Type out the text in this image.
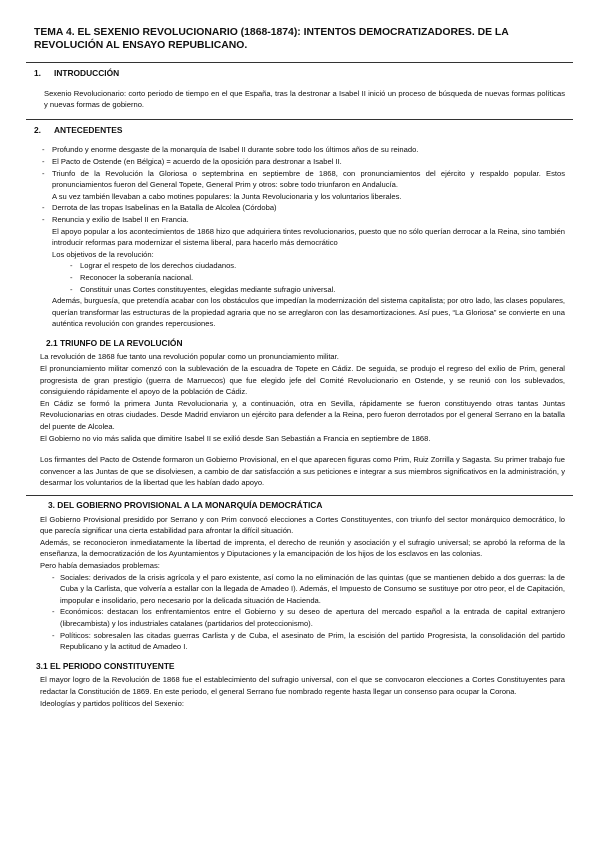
TEMA 4. EL SEXENIO REVOLUCIONARIO (1868-1874): INTENTOS DEMOCRATIZADORES. DE LA REVOLUCIÓN AL ENSAYO REPUBLICANO.
1.	INTRODUCCIÓN
Sexenio Revolucionario: corto periodo de tiempo en el que España, tras la destronar a Isabel II inició un proceso de búsqueda de nuevas formas políticas y nuevas formas de gobierno.
2.	ANTECEDENTES
- Profundo y enorme desgaste de la monarquía de Isabel II durante sobre todo los últimos años de su reinado.
- El Pacto de Ostende (en Bélgica) = acuerdo de la oposición para destronar a Isabel II.
- Triunfo de la Revolución la Gloriosa o septembrina en septiembre de 1868, con pronunciamientos del ejército y respaldo popular. Estos pronunciamientos fueron del General Topete, General Prim y otros: sobre todo triunfaron en Andalucía.
A su vez también llevaban a cabo motines populares: la Junta Revolucionaria y los voluntarios liberales.
- Derrota de las tropas Isabelinas en la Batalla de Alcolea (Córdoba)
- Renuncia y exilio de Isabel II en Francia.
El apoyo popular a los acontecimientos de 1868 hizo que adquiriera tintes revolucionarios, puesto que no sólo querían derrocar a la Reina, sino también introducir reformas para modernizar el sistema liberal, para hacerlo más democrático
Los objetivos de la revolución:
- Lograr el respeto de los derechos ciudadanos.
- Reconocer la soberanía nacional.
- Constituir unas Cortes constituyentes, elegidas mediante sufragio universal.
Además, burguesía, que pretendía acabar con los obstáculos que impedían la modernización del sistema capitalista; por otro lado, las clases populares, querían transformar las estructuras de la propiedad agraria que no se arreglaron con las desamortizaciones. Así pues, “La Gloriosa” se convierte en una auténtica revolución con grandes repercusiones.
2.1 TRIUNFO DE LA REVOLUCIÓN
La revolución de 1868 fue tanto una revolución popular como un pronunciamiento militar.
El pronunciamiento militar comenzó con la sublevación de la escuadra de Topete en Cádiz. De seguida, se produjo el regreso del exilio de Prim, general progresista de gran prestigio (guerra de Marruecos) que fue elegido jefe del Comité Revolucionario en Ostende, y se reunió con los sublevados, consiguiendo rápidamente el apoyo de la población de Cádiz.
En Cádiz se formó la primera Junta Revolucionaria y, a continuación, otra en Sevilla, rápidamente se fueron constituyendo otras tantas Juntas Revolucionarias en otras ciudades. Desde Madrid enviaron un ejército para defender a la Reina, pero fueron derrotados por el general Serrano en la batalla del puente de Alcolea.
El Gobierno no vio más salida que dimitire Isabel II se exilió desde San Sebastián a Francia en septiembre de 1868.
Los firmantes del Pacto de Ostende formaron un Gobierno Provisional, en el que aparecen figuras como Prim, Ruiz Zorrilla y Sagasta. Su primer trabajo fue convencer a las Juntas de que se disolviesen, a cambio de dar satisfacción a sus peticiones e integrar a sus miembros significativos en la administración, y desarmar los voluntarios de la libertad que les habían dado apoyo.
3. DEL GOBIERNO PROVISIONAL A LA MONARQUÍA DEMOCRÁTICA
El Gobierno Provisional presidido por Serrano y con Prim convocó elecciones a Cortes Constituyentes, con triunfo del sector monárquico democrático, lo que parecía significar una cierta estabilidad para afrontar la difícil situación.
Además, se reconocieron inmediatamente la libertad de imprenta, el derecho de reunión y asociación y el sufragio universal; se aprobó la reforma de la enseñanza, la democratización de los Ayuntamientos y Diputaciones y la emancipación de los hijos de los esclavos en las colonias.
Pero había demasiados problemas:
- Sociales: derivados de la crisis agrícola y el paro existente, así como la no eliminación de las quintas (que se mantienen debido a dos guerras: la de Cuba y la Carlista, que volvería a estallar con la llegada de Amadeo I). Además, el Impuesto de Consumo se sustituye por otro peor, el de Capitación, impopular e insolidario, pero necesario por la delicada situación de Hacienda.
- Económicos: destacan los enfrentamientos entre el Gobierno y su deseo de apertura del mercado español a la entrada de capital extranjero (librecambista) y los industriales catalanes (partidarios del proteccionismo).
- Políticos: sobresalen las citadas guerras Carlista y de Cuba, el asesinato de Prim, la escisión del partido Progresista, la consolidación del partido Republicano y la actitud de Amadeo I.
3.1 EL PERIODO CONSTITUYENTE
El mayor logro de la Revolución de 1868 fue el establecimiento del sufragio universal, con el que se convocaron elecciones a Cortes Constituyentes para redactar la Constitución de 1869. En este periodo, el general Serrano fue nombrado regente hasta llegar un consenso para ocupar la Corona.
Ideologías y partidos políticos del Sexenio:
